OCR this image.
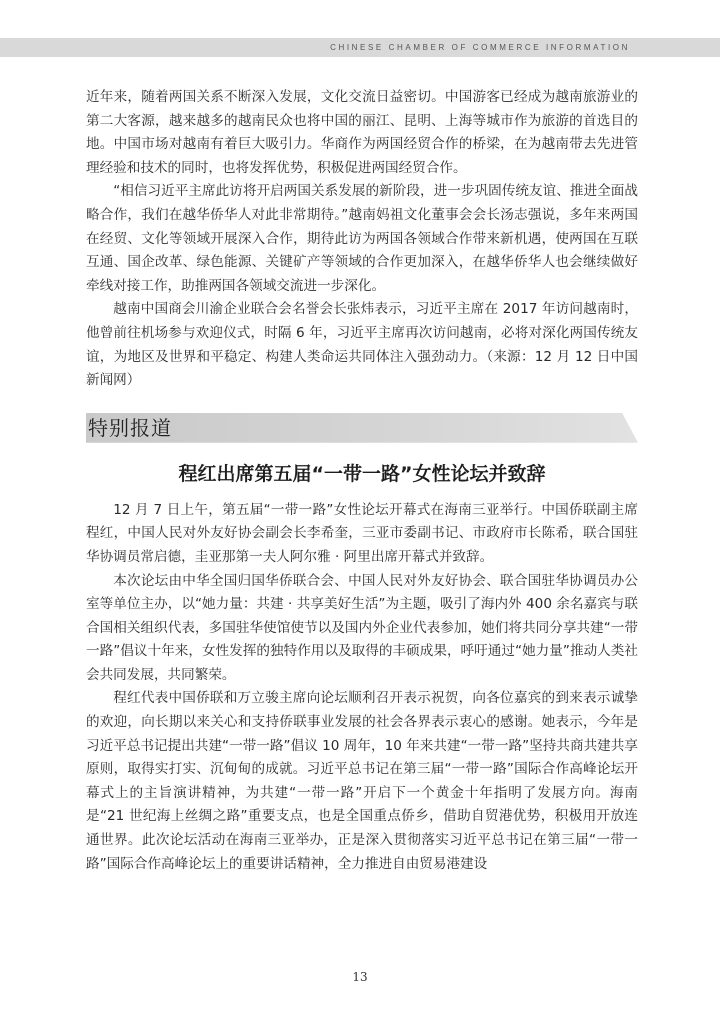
CHINESE CHAMBER OF COMMERCE INFORMATION

近年来，随着两国关系不断深入发展，文化交流日益密切。中国游客已经成为越南旅游业的第二大客源，越来越多的越南民众也将中国的丽江、昆明、上海等城市作为旅游的首选目的地。中国市场对越南有着巨大吸引力。华商作为两国经贸合作的桥梁，在为越南带去先进管理经验和技术的同时，也将发挥优势，积极促进两国经贸合作。

“相信习近平主席此访将开启两国关系发展的新阶段，进一步巩固传统友谊、推进全面战略合作，我们在越华侨华人对此非常期待。”越南妈祖文化董事会会长汤志强说，多年来两国在经贸、文化等领域开展深入合作，期待此访为两国各领域合作带来新机遇，使两国在互联互通、国企改革、绿色能源、关键矿产等领域的合作更加深入，在越华侨华人也会继续做好牵线对接工作，助推两国各领域交流进一步深化。

越南中国商会川渝企业联合会名誉会长张炜表示，习近平主席在 2017 年访问越南时，他曾前往机场参与欢迎仪式，时隔 6 年，习近平主席再次访问越南，必将对深化两国传统友谊，为地区及世界和平稳定、构建人类命运共同体注入强劲动力。（来源：12 月 12 日中国新闻网）

特别报道
程红出席第五届“一带一路”女性论坛并致辞

12 月 7 日上午，第五届“一带一路”女性论坛开幕式在海南三亚举行。中国侨联副主席程红，中国人民对外友好协会副会长李希奎，三亚市委副书记、市政府市长陈希，联合国驻华协调员常启德，圭亚那第一夫人阿尔雅 · 阿里出席开幕式并致辞。

本次论坛由中华全国归国华侨联合会、中国人民对外友好协会、联合国驻华协调员办公室等单位主办，以“她力量：共建 · 共享美好生活”为主题，吸引了海内外 400 余名嘉宾与联合国相关组织代表，多国驻华使馆使节以及国内外企业代表参加，她们将共同分享共建“一带一路”倡议十年来，女性发挥的独特作用以及取得的丰硕成果，呼吁通过“她力量”推动人类社会共同发展，共同繁荣。

程红代表中国侨联和万立骏主席向论坛顺利召开表示祝贺，向各位嘉宾的到来表示诚挚的欢迎，向长期以来关心和支持侨联事业发展的社会各界表示衷心的感谢。她表示，今年是习近平总书记提出共建“一带一路”倡议 10 周年，10 年来共建“一带一路”坚持共商共建共享原则，取得实打实、沉甸甸的成就。习近平总书记在第三届“一带一路”国际合作高峰论坛开幕式上的主旨演讲精神，为共建“一带一路”开启下一个黄金十年指明了发展方向。海南是“21 世纪海上丝绸之路”重要支点，也是全国重点侨乡，借助自贸港优势，积极用开放连通世界。此次论坛活动在海南三亚举办，正是深入贯彻落实习近平总书记在第三届“一带一路”国际合作高峰论坛上的重要讲话精神，全力推进自由贸易港建设

13
